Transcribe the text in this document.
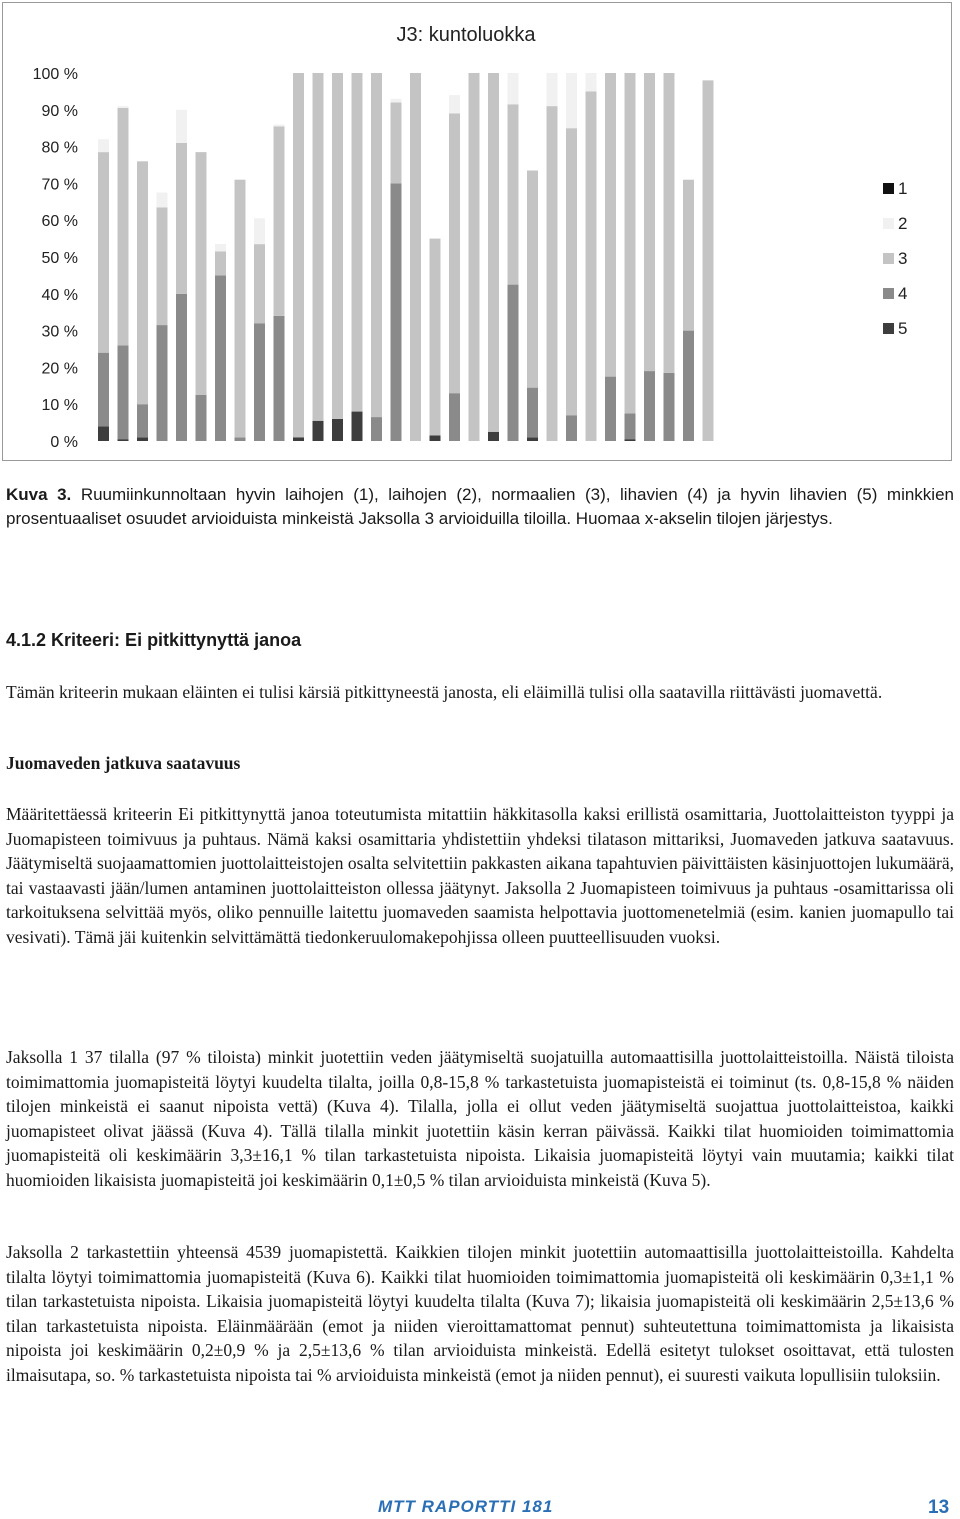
J3: kuntoluokka
0 %
10 %
20 %
30 %
40 %
50 %
60 %
70 %
80 %
90 %
100 %
1
2
3
4
5
Kuva 3. Ruumiinkunnoltaan hyvin laihojen (1), laihojen (2), normaalien (3), lihavien (4) ja hyvin lihavien (5) minkkien prosentuaaliset osuudet arvioiduista minkeistä Jaksolla 3 arvioiduilla tiloilla. Huomaa x-akselin tilojen järjestys.
4.1.2 Kriteeri: Ei pitkittynyttä janoa

Tämän kriteerin mukaan eläinten ei tulisi kärsiä pitkittyneestä janosta, eli eläimillä tulisi olla saatavilla riittävästi juomavettä.

Juomaveden jatkuva saatavuus

Määritettäessä kriteerin Ei pitkittynyttä janoa toteutumista mitattiin häkkitasolla kaksi erillistä osamittaria, Juottolaitteiston tyyppi ja Juomapisteen toimivuus ja puhtaus. Nämä kaksi osamittaria yhdistettiin yhdeksi tilatason mittariksi, Juomaveden jatkuva saatavuus. Jäätymiseltä suojaamattomien juottolaitteistojen osalta selvitettiin pakkasten aikana tapahtuvien päivittäisten käsinjuottojen lukumäärä, tai vastaavasti jään/lumen antaminen juottolaitteiston ollessa jäätynyt. Jaksolla 2 Juomapisteen toimivuus ja puhtaus -osamittarissa oli tarkoituksena selvittää myös, oliko pennuille laitettu juomaveden saamista helpottavia juottomenetelmiä (esim. kanien juomapullo tai vesivati). Tämä jäi kuitenkin selvittämättä tiedonkeruulomakepohjissa olleen puutteellisuuden vuoksi.

Jaksolla 1 37 tilalla (97 % tiloista) minkit juotettiin veden jäätymiseltä suojatuilla automaattisilla juottolaitteistoilla. Näistä tiloista toimimattomia juomapisteitä löytyi kuudelta tilalta, joilla 0,8-15,8 % tarkastetuista juomapisteistä ei toiminut (ts. 0,8-15,8 % näiden tilojen minkeistä ei saanut nipoista vettä) (Kuva 4). Tilalla, jolla ei ollut veden jäätymiseltä suojattua juottolaitteistoa, kaikki juomapisteet olivat jäässä (Kuva 4). Tällä tilalla minkit juotettiin käsin kerran päivässä. Kaikki tilat huomioiden toimimattomia juomapisteitä oli keskimäärin 3,3±16,1 % tilan tarkastetuista nipoista. Likaisia juomapisteitä löytyi vain muutamia; kaikki tilat huomioiden likaisista juomapisteitä joi keskimäärin 0,1±0,5 % tilan arvioiduista minkeistä (Kuva 5).

Jaksolla 2 tarkastettiin yhteensä 4539 juomapistettä. Kaikkien tilojen minkit juotettiin automaattisilla juottolaitteistoilla. Kahdelta tilalta löytyi toimimattomia juomapisteitä (Kuva 6). Kaikki tilat huomioiden toimimattomia juomapisteitä oli keskimäärin 0,3±1,1 % tilan tarkastetuista nipoista. Likaisia juomapisteitä löytyi kuudelta tilalta (Kuva 7); likaisia juomapisteitä oli keskimäärin 2,5±13,6 % tilan tarkastetuista nipoista. Eläinmäärään (emot ja niiden vieroittamattomat pennut) suhteutettuna toimimattomista ja likaisista nipoista joi keskimäärin 0,2±0,9 % ja 2,5±13,6 % tilan arvioiduista minkeistä. Edellä esitetyt tulokset osoittavat, että tulosten ilmaisutapa, so. % tarkastetuista nipoista tai % arvioiduista minkeistä (emot ja niiden pennut), ei suuresti vaikuta lopullisiin tuloksiin.

MTT RAPORTTI 181	13
